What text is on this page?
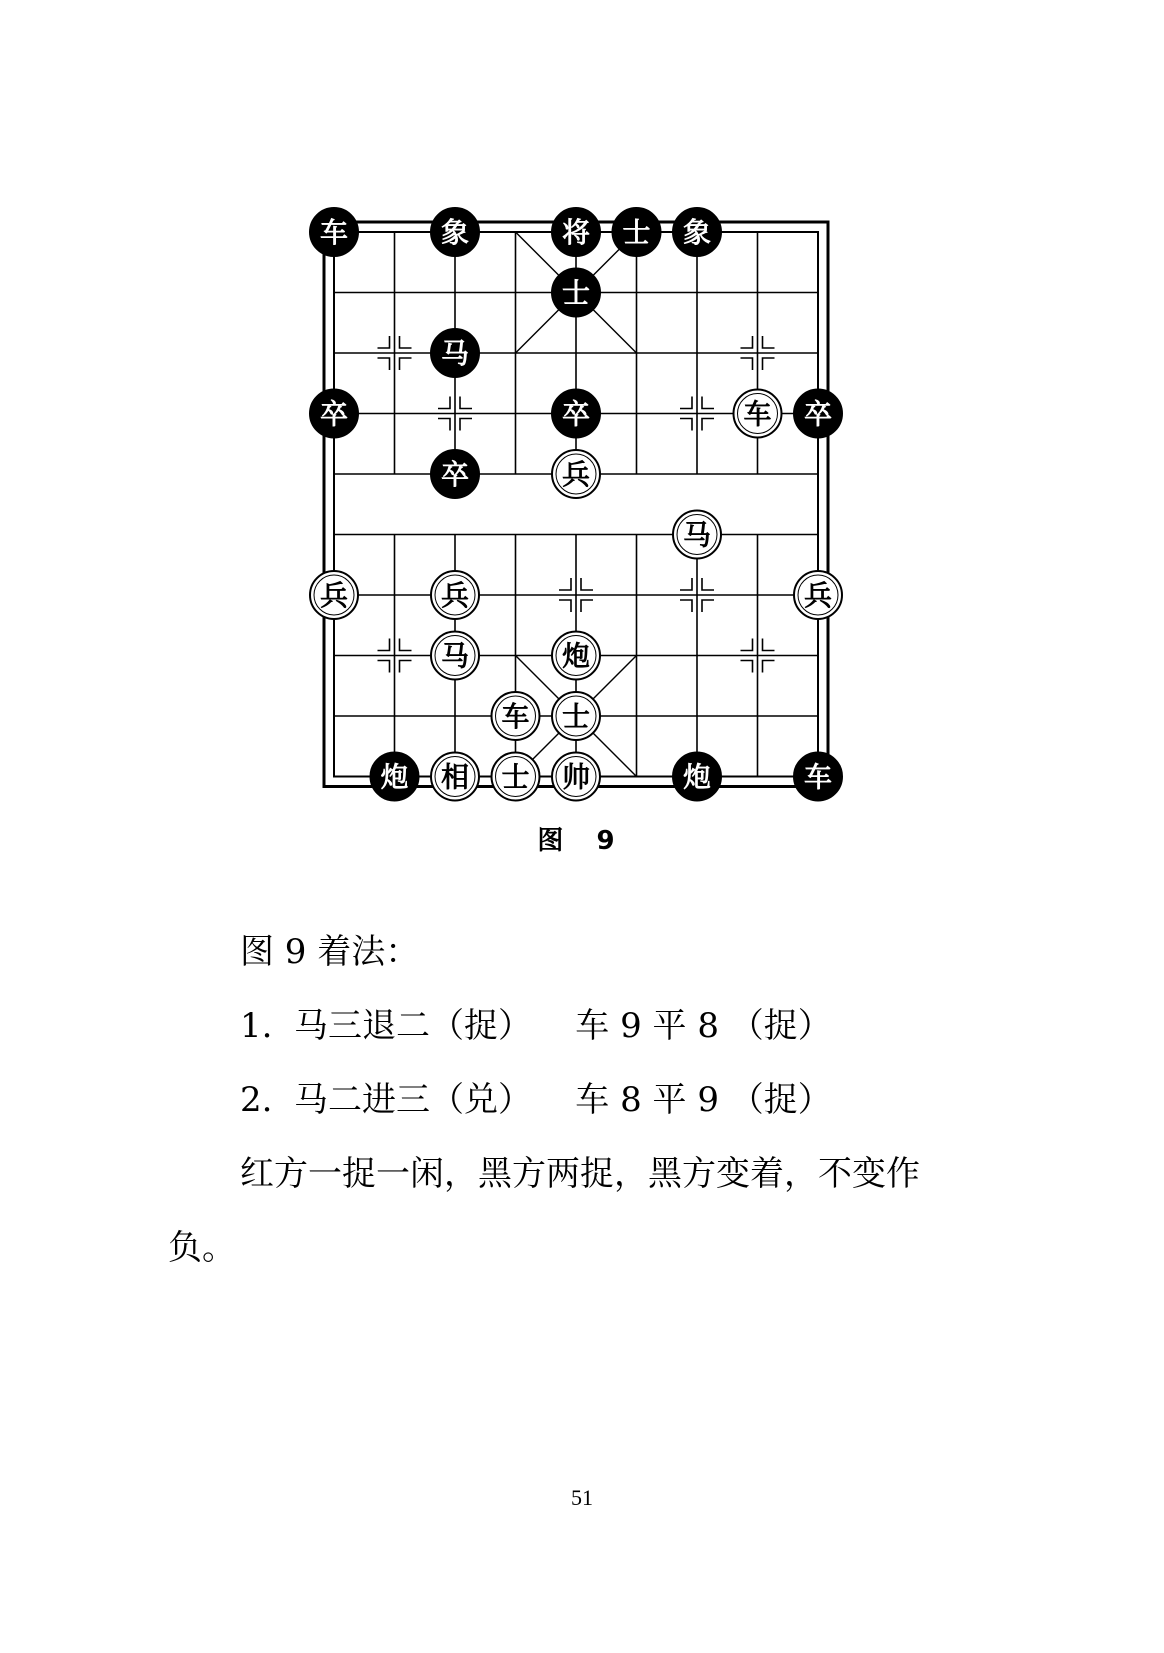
车	象	将 士 象
士
马
卒	卒	车 卒
卒	兵
马
兵	兵	兵
马	炮
车 士
炮 相 士 帅	炮	车
图 9
图 9 着法：
1.  马三退二（捉）    车 9 平 8 （捉）
2.  马二进三（兑）    车 8 平 9 （捉）
红方一捉一闲，黑方两捉，黑方变着，不变作
负。
51
